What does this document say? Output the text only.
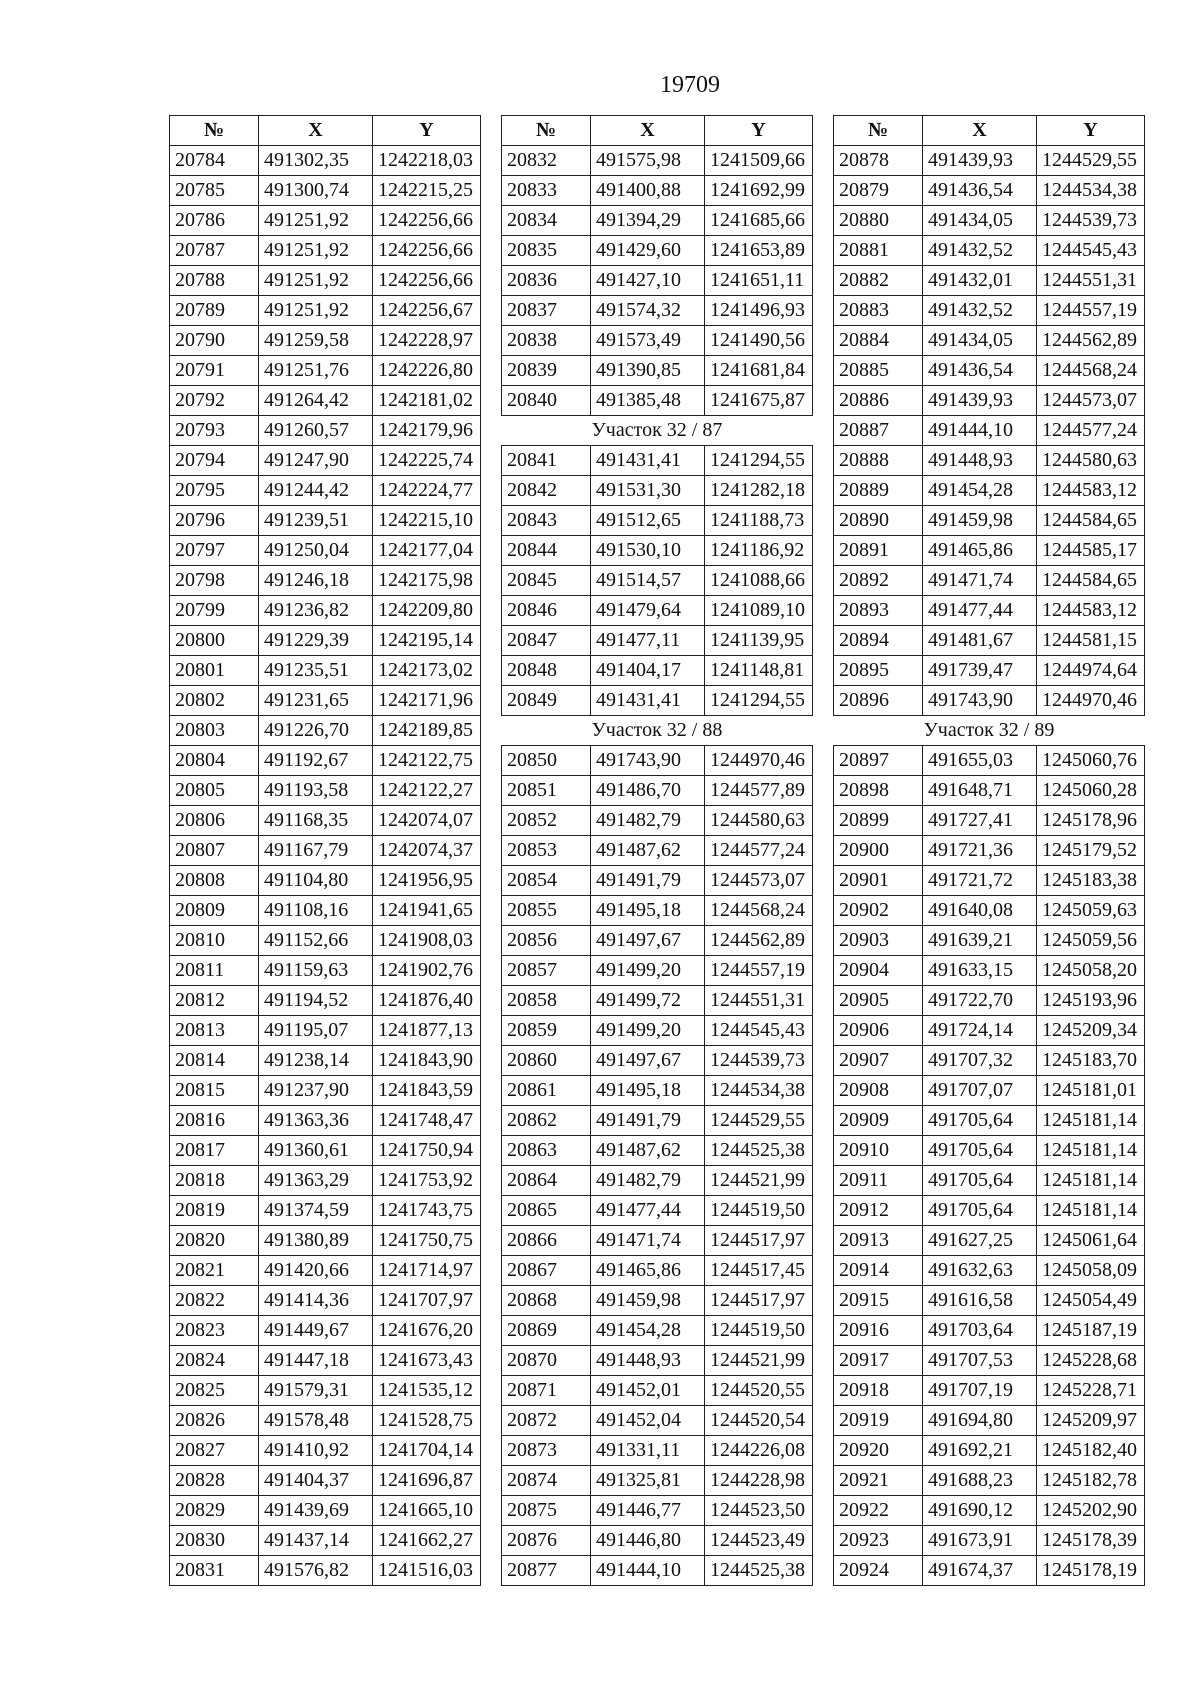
19709
№	X	Y
20784	491302,35	1242218,03
20785	491300,74	1242215,25
20786	491251,92	1242256,66
20787	491251,92	1242256,66
20788	491251,92	1242256,66
20789	491251,92	1242256,67
20790	491259,58	1242228,97
20791	491251,76	1242226,80
20792	491264,42	1242181,02
20793	491260,57	1242179,96
20794	491247,90	1242225,74
20795	491244,42	1242224,77
20796	491239,51	1242215,10
20797	491250,04	1242177,04
20798	491246,18	1242175,98
20799	491236,82	1242209,80
20800	491229,39	1242195,14
20801	491235,51	1242173,02
20802	491231,65	1242171,96
20803	491226,70	1242189,85
20804	491192,67	1242122,75
20805	491193,58	1242122,27
20806	491168,35	1242074,07
20807	491167,79	1242074,37
20808	491104,80	1241956,95
20809	491108,16	1241941,65
20810	491152,66	1241908,03
20811	491159,63	1241902,76
20812	491194,52	1241876,40
20813	491195,07	1241877,13
20814	491238,14	1241843,90
20815	491237,90	1241843,59
20816	491363,36	1241748,47
20817	491360,61	1241750,94
20818	491363,29	1241753,92
20819	491374,59	1241743,75
20820	491380,89	1241750,75
20821	491420,66	1241714,97
20822	491414,36	1241707,97
20823	491449,67	1241676,20
20824	491447,18	1241673,43
20825	491579,31	1241535,12
20826	491578,48	1241528,75
20827	491410,92	1241704,14
20828	491404,37	1241696,87
20829	491439,69	1241665,10
20830	491437,14	1241662,27
20831	491576,82	1241516,03
№	X	Y
20832	491575,98	1241509,66
20833	491400,88	1241692,99
20834	491394,29	1241685,66
20835	491429,60	1241653,89
20836	491427,10	1241651,11
20837	491574,32	1241496,93
20838	491573,49	1241490,56
20839	491390,85	1241681,84
20840	491385,48	1241675,87
Участок 32 / 87		
20841	491431,41	1241294,55
20842	491531,30	1241282,18
20843	491512,65	1241188,73
20844	491530,10	1241186,92
20845	491514,57	1241088,66
20846	491479,64	1241089,10
20847	491477,11	1241139,95
20848	491404,17	1241148,81
20849	491431,41	1241294,55
Участок 32 / 88		
20850	491743,90	1244970,46
20851	491486,70	1244577,89
20852	491482,79	1244580,63
20853	491487,62	1244577,24
20854	491491,79	1244573,07
20855	491495,18	1244568,24
20856	491497,67	1244562,89
20857	491499,20	1244557,19
20858	491499,72	1244551,31
20859	491499,20	1244545,43
20860	491497,67	1244539,73
20861	491495,18	1244534,38
20862	491491,79	1244529,55
20863	491487,62	1244525,38
20864	491482,79	1244521,99
20865	491477,44	1244519,50
20866	491471,74	1244517,97
20867	491465,86	1244517,45
20868	491459,98	1244517,97
20869	491454,28	1244519,50
20870	491448,93	1244521,99
20871	491452,01	1244520,55
20872	491452,04	1244520,54
20873	491331,11	1244226,08
20874	491325,81	1244228,98
20875	491446,77	1244523,50
20876	491446,80	1244523,49
20877	491444,10	1244525,38
№	X	Y
20878	491439,93	1244529,55
20879	491436,54	1244534,38
20880	491434,05	1244539,73
20881	491432,52	1244545,43
20882	491432,01	1244551,31
20883	491432,52	1244557,19
20884	491434,05	1244562,89
20885	491436,54	1244568,24
20886	491439,93	1244573,07
20887	491444,10	1244577,24
20888	491448,93	1244580,63
20889	491454,28	1244583,12
20890	491459,98	1244584,65
20891	491465,86	1244585,17
20892	491471,74	1244584,65
20893	491477,44	1244583,12
20894	491481,67	1244581,15
20895	491739,47	1244974,64
20896	491743,90	1244970,46
Участок 32 / 89		
20897	491655,03	1245060,76
20898	491648,71	1245060,28
20899	491727,41	1245178,96
20900	491721,36	1245179,52
20901	491721,72	1245183,38
20902	491640,08	1245059,63
20903	491639,21	1245059,56
20904	491633,15	1245058,20
20905	491722,70	1245193,96
20906	491724,14	1245209,34
20907	491707,32	1245183,70
20908	491707,07	1245181,01
20909	491705,64	1245181,14
20910	491705,64	1245181,14
20911	491705,64	1245181,14
20912	491705,64	1245181,14
20913	491627,25	1245061,64
20914	491632,63	1245058,09
20915	491616,58	1245054,49
20916	491703,64	1245187,19
20917	491707,53	1245228,68
20918	491707,19	1245228,71
20919	491694,80	1245209,97
20920	491692,21	1245182,40
20921	491688,23	1245182,78
20922	491690,12	1245202,90
20923	491673,91	1245178,39
20924	491674,37	1245178,19
